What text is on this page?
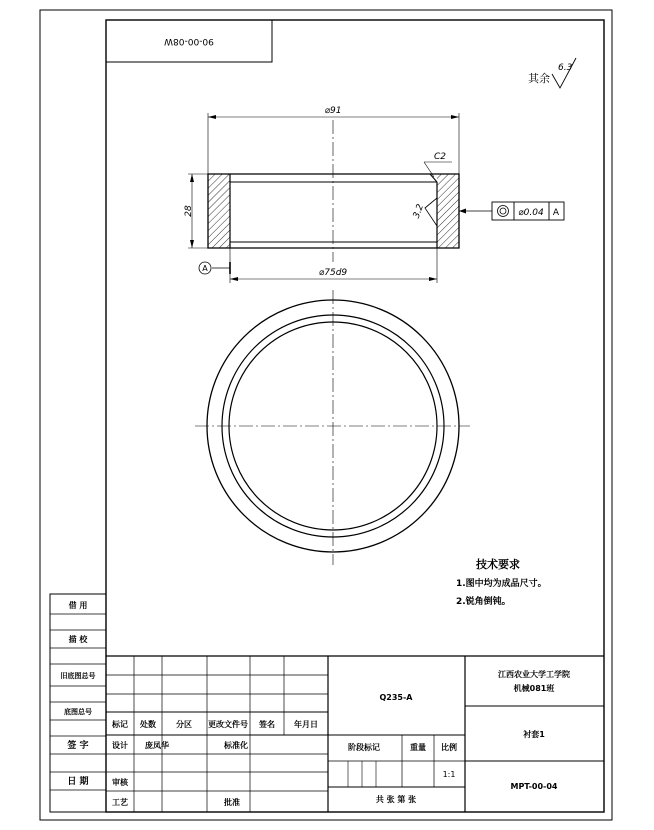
90-00-08W
其余
6.3
⌀91
28
⌀75d9
A
C2
3.2	⌀0.04 A
技术要求
1.图中均为成品尺寸。
2.锐角倒钝。
借 用
描 校
旧底图总号
底图总号
签 字
日 期
标记 处数	分区 更改文件号 签名 年月日
设计 庞凤华	标准化
审核
工艺	批准
Q235-A
阶段标记	重量 比例
1:1
共 张 第 张
江西农业大学工学院
机械081班
衬套1
MPT-00-04
